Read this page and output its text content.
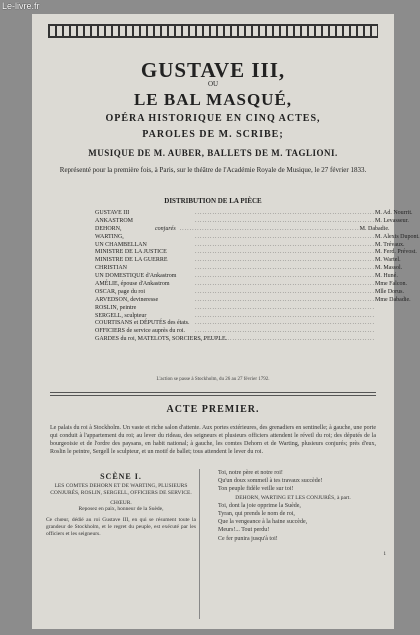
Le-livre.fr
GUSTAVE III,
OU
LE BAL MASQUÉ,
OPÉRA HISTORIQUE EN CINQ ACTES,
PAROLES DE M. SCRIBE;
MUSIQUE DE M. AUBER, BALLETS DE M. TAGLIONI.
Représenté pour la première fois, à Paris, sur le théâtre de l'Académie Royale de Musique, le 27 février 1833.
DISTRIBUTION DE LA PIÈCE
GUSTAVE III	........................................................................ M. Ad. Nourrit.
ANKASTROM	........................................................................ M. Levasseur.
DEHORN,	conjurés ........................................................................ M. Dabadie.
WARTING,	........................................................................ M. Alexis Dupont.
UN CHAMBELLAN	........................................................................ M. Trévaux.
MINISTRE DE LA JUSTICE	........................................................................ M. Ferd. Prévost.
MINISTRE DE LA GUERRE	........................................................................ M. Wartel.
CHRISTIAN	........................................................................ M. Massol.
UN DOMESTIQUE d'Ankastrom	........................................................................ M. Huné.
AMÉLIE, épouse d'Ankastrom	........................................................................ Mme Falcon.
OSCAR, page du roi	........................................................................ Mlle Dorus.
ARVEDSON, devineresse	........................................................................ Mme Dabadie.
ROSLIN, peintre	........................................................................
SERGELL, sculpteur	........................................................................
COURTISANS et DÉPUTÉS des états. ........................................................................
OFFICIERS de service auprès du roi.	........................................................................
GARDES du roi, MATELOTS, SORCIERS, PEUPLE.
........................................................................
L'action se passe à Stockholm, du 26 au 27 février 1792.
ACTE PREMIER.
Le palais du roi à Stockholm. Un vaste et riche salon d'attente. Aux portes extérieures, des grenadiers en sentinelle; à gauche, une porte qui conduit à l'appartement du roi; au lever du rideau, des seigneurs et plusieurs officiers attendent le réveil du roi; des députés de la bourgeoisie et de l'ordre des paysans, en habit national; à gauche, les comtes Dehorn et de Warting, plusieurs conjurés; près d'eux, Roslin le peintre, Sergell le sculpteur, et un motif de ballet; tous attendent le lever du roi.
SCÈNE I.
LES COMTES DEHORN ET DE WARTING, PLUSIEURS CONJURÉS, ROSLIN, SERGELL, OFFICIERS DE SERVICE.
CHŒUR.
Reposez en paix, honneur de la Suède,
Ce chœur, dédié au roi Gustave III, en qui se résument toute la grandeur de Stockholm, et le regret du peuple, est exécuté par les officiers et les seigneurs.
Toi, notre père et notre roi!
Qu'un doux sommeil à tes travaux succède!
Ton peuple fidèle veille sur toi!
DEHORN, WARTING ET LES CONJURÉS, à part.
Toi, dont la joie opprime la Suède,
Tyran, qui prends le nom de roi,
Que la vengeance à la haine succède,
Meurs!... Tout perdu!
Ce fer punira jusqu'à toi!
1
